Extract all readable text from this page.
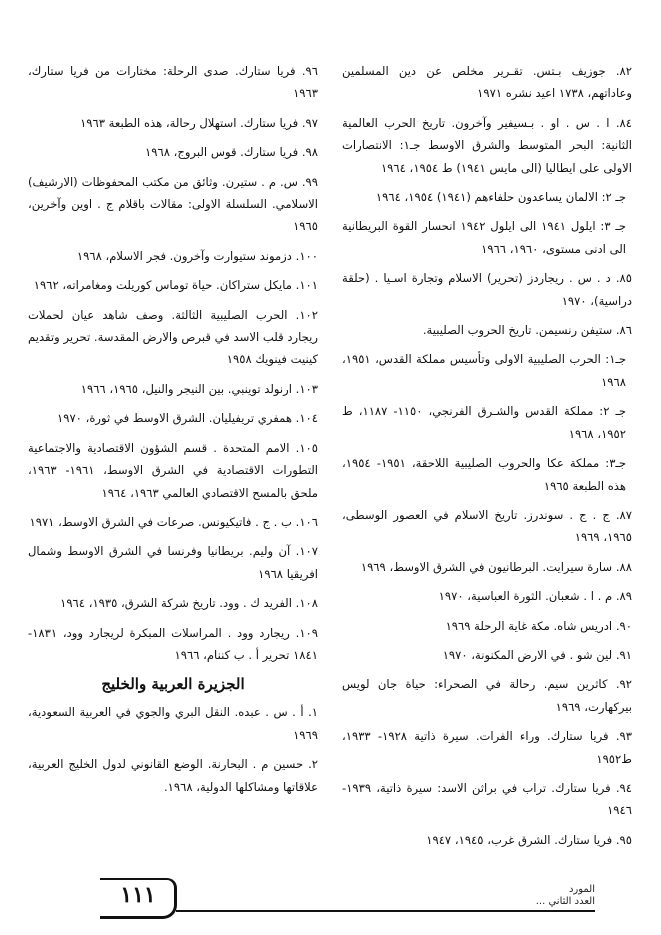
٨٢. جوزيف بـتس. تقـرير مخلص عن دين المسلمين وعاداتهم، ١٧٣٨ اعيد نشره ١٩٧١

٨٤. ا . س . او . بـسيفير وآخرون. تاريخ الحرب العالمية الثانية: البحر المتوسط والشرق الاوسط جـ١: الانتصارات الاولى على ايطاليا (الى مايس ١٩٤١) ط ١٩٥٤، ١٩٦٤

جـ ٢: الالمان يساعدون حلفاءهم (١٩٤١) ١٩٥٤، ١٩٦٤

جـ ٣: ايلول ١٩٤١ الى ايلول ١٩٤٢ انحسار القوة البريطانية الى ادنى مستوى، ١٩٦٠، ١٩٦٦

٨٥. د . س . ريجاردز (تحرير) الاسلام وتجارة اسـيا . (حلقة دراسية)، ١٩٧٠

٨٦. ستيفن رنسيمن. تاريخ الحروب الصليبية.

جـ١: الحرب الصليبية الاولى وتأسيس مملكة القدس، ١٩٥١، ١٩٦٨

جـ ٢: مملكة القدس والشـرق الفرنجي، ١١٥٠- ١١٨٧، ط ١٩٥٢، ١٩٦٨

جـ٣: مملكة عكا والحروب الصليبية اللاحقة، ١٩٥١- ١٩٥٤، هذه الطبعة ١٩٦٥

٨٧. ج . ج . سوندرز. تاريخ الاسلام في العصور الوسطى، ١٩٦٥، ١٩٦٩

٨٨. سارة سيرايت. البرطانيون في الشرق الاوسط، ١٩٦٩

٨٩. م . ا . شعبان. الثورة العباسية، ١٩٧٠

٩٠. ادريس شاه. مكة غاية الرحلة ١٩٦٩

٩١. لين شو . في الارض المكنونة، ١٩٧٠

٩٢. كاثرين سيم. رحالة في الصحراء: حياة جان لويس بيركهارت، ١٩٦٩

٩٣. فريا ستارك. وراء الفرات. سيرة ذاتية ١٩٢٨- ١٩٣٣، ط١٩٥٢

٩٤. فريا ستارك. تراب في براثن الاسد: سيرة ذاتية، ١٩٣٩- ١٩٤٦

٩٥. فريا ستارك. الشرق غرب، ١٩٤٥، ١٩٤٧

٩٦. فريا ستارك. صدى الرحلة: مختارات من فريا ستارك، ١٩٦٣

٩٧. فريا ستارك. استهلال رحالة، هذه الطبعة ١٩٦٣

٩٨. فريا ستارك. قوس البروج، ١٩٦٨

٩٩. س. م . ستيرن. وثائق من مكتب المحفوظات (الارشيف) الاسلامي. السلسلة الاولى: مقالات باقلام ج . اوين وآخرين، ١٩٦٥

١٠٠. دزموند ستيوارت وآخرون. فجر الاسلام، ١٩٦٨

١٠١. مايكل ستراكان. حياة توماس كوريلت ومغامراته، ١٩٦٢

١٠٢. الحرب الصليبية الثالثة. وصف شاهد عيان لحملات ريجارد قلب الاسد في قبرص والارض المقدسة. تحرير وتقديم كينيت فينويك ١٩٥٨

١٠٣. ارنولد توينبي. بين النيجر والنيل، ١٩٦٥، ١٩٦٦

١٠٤. همفري تريفيليان. الشرق الاوسط في ثورة، ١٩٧٠

١٠٥. الامم المتحدة . قسم الشؤون الاقتصادية والاجتماعية التطورات الاقتصادية في الشرق الاوسط، ١٩٦١- ١٩٦٣، ملحق بالمسح الاقتصادي العالمي ١٩٦٣، ١٩٦٤

١٠٦. ب . ج . فاتيكيونس. صرعات في الشرق الاوسط، ١٩٧١

١٠٧. آن وليم. بريطانيا وفرنسا في الشرق الاوسط وشمال افريقيا ١٩٦٨

١٠٨. الفريد ك . وود. تاريخ شركة الشرق، ١٩٣٥، ١٩٦٤

١٠٩. ريجارد وود . المراسلات المبكرة لريجارد وود، ١٨٣١- ١٨٤١ تحرير أ . ب كننام، ١٩٦٦

الجزيرة العربية والخليج

١. أ . س . عبده. النقل البري والجوي في العربية السعودية، ١٩٦٩

٢. حسين م . البحارنة. الوضع القانوني لدول الخليج العربية، علاقاتها ومشاكلها الدولية، ١٩٦٨.

١١١	المورد
العدد الثاني ...
